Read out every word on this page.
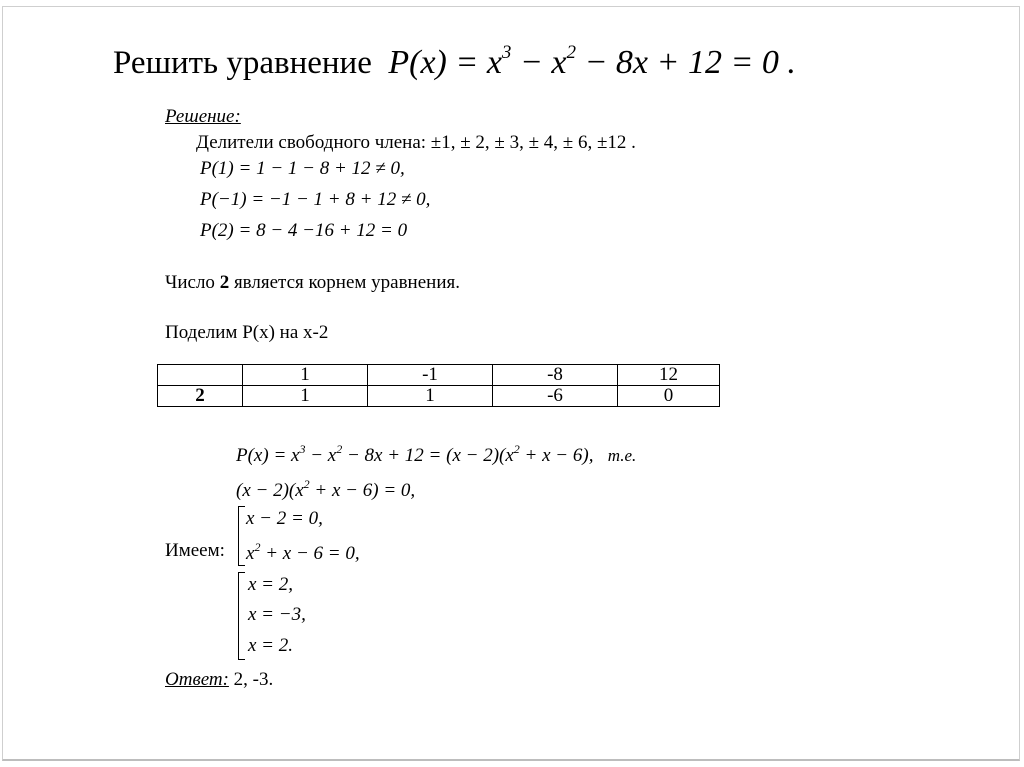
Решить уравнение $P(x) = x^3 - x^2 - 8x + 12 = 0$ .
Решение:
Делители свободного члена: ±1, ± 2, ± 3, ± 4, ± 6, ±12 .
P(1) = 1 − 1 − 8 + 12 ≠ 0,
P(−1) = −1 − 1 + 8 + 12 ≠ 0,
P(2) = 8 − 4 −16 + 12 = 0
Число 2 является корнем уравнения.
Поделим P(x) на x-2
	1	-1	-8	12
2	1	1	-6	0
$P(x) = x^3 - x^2 - 8x + 12 = (x - 2)(x^2 + x - 6)$, т.е.
$(x - 2)(x^2 + x - 6) = 0$,
Имеем:
x − 2 = 0,
$x^2 + x - 6 = 0$,
x = 2,
x = −3,
x = 2.
Ответ: 2, -3.
